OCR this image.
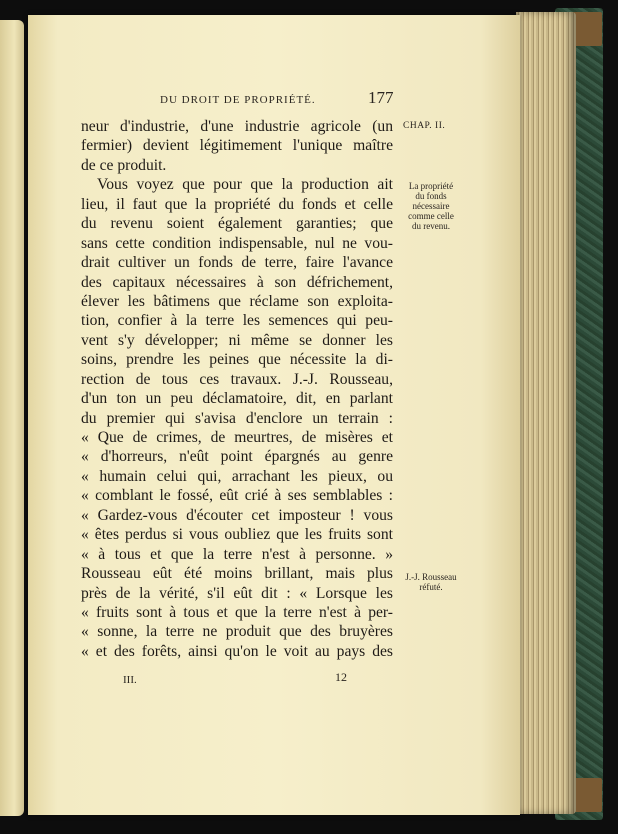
DU DROIT DE PROPRIÉTÉ.	177
neur d'industrie, d'une industrie agricole (un
fermier) devient légitimement l'unique maître
de ce produit.
Vous voyez que pour que la production ait
lieu, il faut que la propriété du fonds et celle
du revenu soient également garanties; que
sans cette condition indispensable, nul ne vou-
drait cultiver un fonds de terre, faire l'avance
des capitaux nécessaires à son défrichement,
élever les bâtimens que réclame son exploita-
tion, confier à la terre les semences qui peu-
vent s'y développer; ni même se donner les
soins, prendre les peines que nécessite la di-
rection de tous ces travaux. J.-J. Rousseau,
d'un ton un peu déclamatoire, dit, en parlant
du premier qui s'avisa d'enclore un terrain :
« Que de crimes, de meurtres, de misères et
« d'horreurs, n'eût point épargnés au genre
« humain celui qui, arrachant les pieux, ou
« comblant le fossé, eût crié à ses semblables :
« Gardez-vous d'écouter cet imposteur ! vous
« êtes perdus si vous oubliez que les fruits sont
« à tous et que la terre n'est à personne. »
Rousseau eût été moins brillant, mais plus
près de la vérité, s'il eût dit : « Lorsque les
« fruits sont à tous et que la terre n'est à per-
« sonne, la terre ne produit que des bruyères
« et des forêts, ainsi qu'on le voit au pays des
CHAP. II.
La propriété
du fonds
nécessaire
comme celle
du revenu.
J.-J. Rousseau
réfuté.
III.	12
